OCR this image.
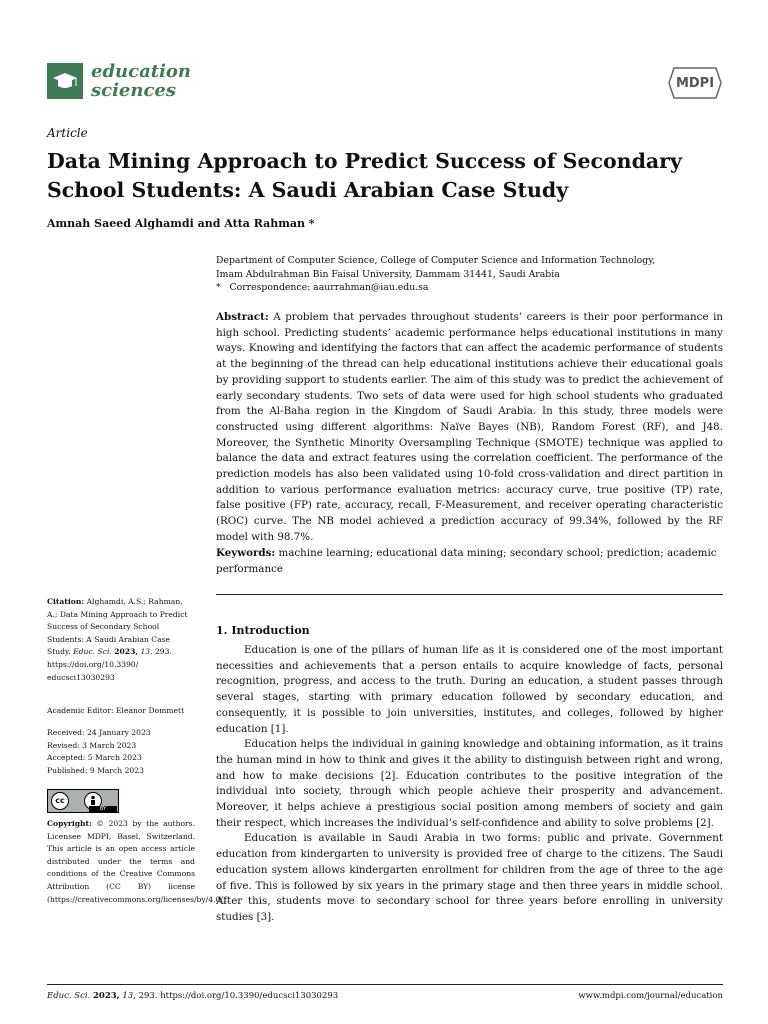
education
sciences	MDPI
Article
Data Mining Approach to Predict Success of Secondary School Students: A Saudi Arabian Case Study
Amnah Saeed Alghamdi and Atta Rahman *
Department of Computer Science, College of Computer Science and Information Technology,
Imam Abdulrahman Bin Faisal University, Dammam 31441, Saudi Arabia
* Correspondence: aaurrahman@iau.edu.sa
Abstract: A problem that pervades throughout students’ careers is their poor performance in high school. Predicting students’ academic performance helps educational institutions in many ways. Knowing and identifying the factors that can affect the academic performance of students at the beginning of the thread can help educational institutions achieve their educational goals by providing support to students earlier. The aim of this study was to predict the achievement of early secondary students. Two sets of data were used for high school students who graduated from the Al-Baha region in the Kingdom of Saudi Arabia. In this study, three models were constructed using different algorithms: Naïve Bayes (NB), Random Forest (RF), and J48. Moreover, the Synthetic Minority Oversampling Technique (SMOTE) technique was applied to balance the data and extract features using the correlation coefficient. The performance of the prediction models has also been validated using 10-fold cross-validation and direct partition in addition to various performance evaluation metrics: accuracy curve, true positive (TP) rate, false positive (FP) rate, accuracy, recall, F-Measurement, and receiver operating characteristic (ROC) curve. The NB model achieved a prediction accuracy of 99.34%, followed by the RF model with 98.7%.
Keywords: machine learning; educational data mining; secondary school; prediction; academic performance
Citation: Alghamdi, A.S.; Rahman, A.; Data Mining Approach to Predict Success of Secondary School Students: A Saudi Arabian Case Study. Educ. Sci. 2023, 13, 293. https://doi.org/10.3390/ educsci13030293
Academic Editor: Eleanor Dommett
Received: 24 January 2023
Revised: 3 March 2023
Accepted: 5 March 2023
Published: 9 March 2023
cc
BY
Copyright: © 2023 by the authors. Licensee MDPI, Basel, Switzerland. This article is an open access article distributed under the terms and conditions of the Creative Commons Attribution (CC BY) license (https://creativecommons.org/licenses/by/4.0/).
1. Introduction

Education is one of the pillars of human life as it is considered one of the most important necessities and achievements that a person entails to acquire knowledge of facts, personal recognition, progress, and access to the truth. During an education, a student passes through several stages, starting with primary education followed by secondary education, and consequently, it is possible to join universities, institutes, and colleges, followed by higher education [1].

Education helps the individual in gaining knowledge and obtaining information, as it trains the human mind in how to think and gives it the ability to distinguish between right and wrong, and how to make decisions [2]. Education contributes to the positive integration of the individual into society, through which people achieve their prosperity and advancement. Moreover, it helps achieve a prestigious social position among members of society and gain their respect, which increases the individual’s self-confidence and ability to solve problems [2].

Education is available in Saudi Arabia in two forms: public and private. Government education from kindergarten to university is provided free of charge to the citizens. The Saudi education system allows kindergarten enrollment for children from the age of three to the age of five. This is followed by six years in the primary stage and then three years in middle school. After this, students move to secondary school for three years before enrolling in university studies [3].

Educ. Sci. 2023, 13, 293. https://doi.org/10.3390/educsci13030293	www.mdpi.com/journal/education
